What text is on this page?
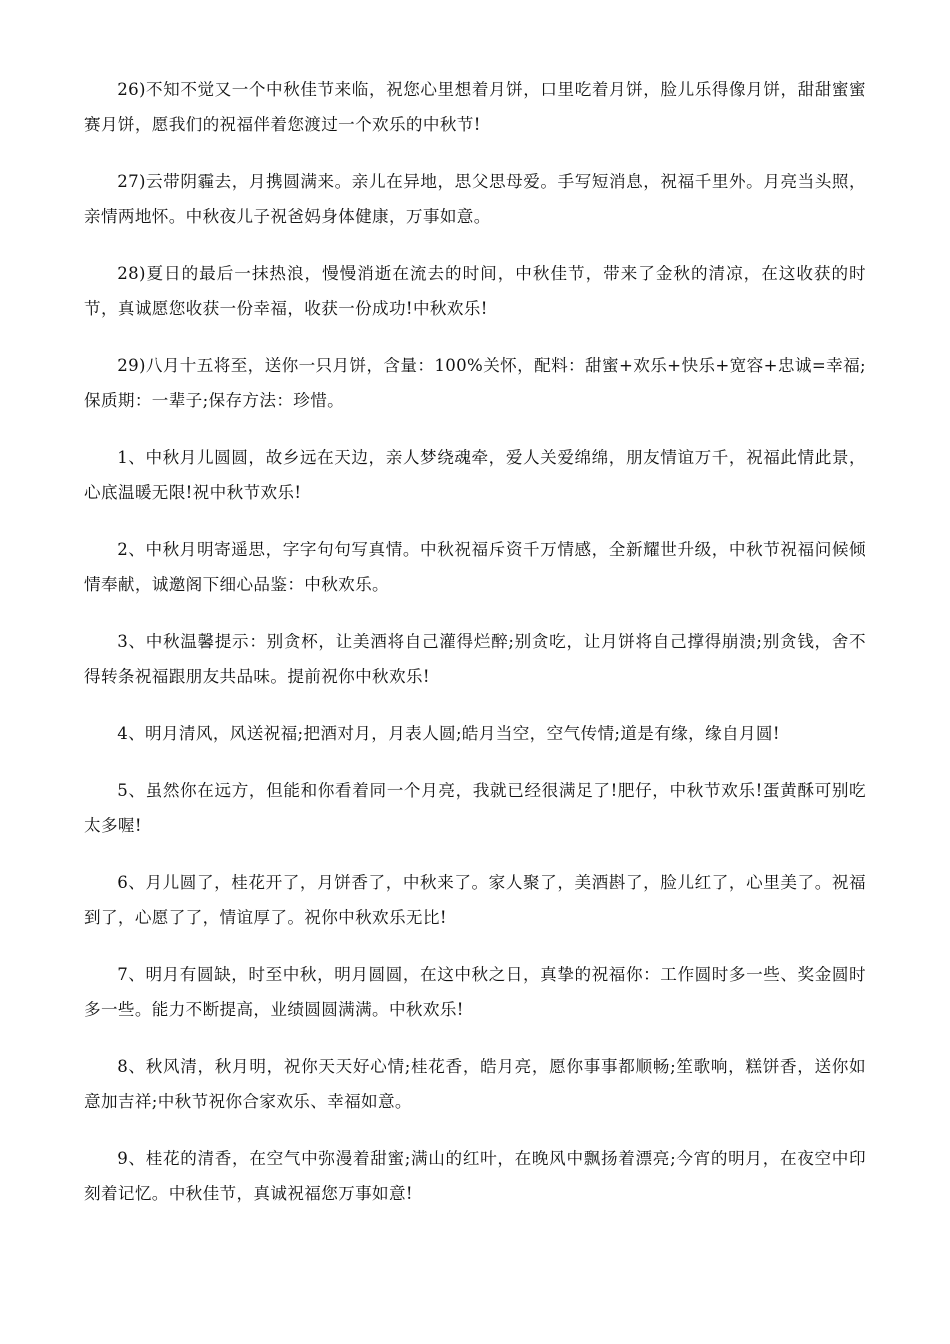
26)不知不觉又一个中秋佳节来临，祝您心里想着月饼，口里吃着月饼，脸儿乐得像月饼，甜甜蜜蜜赛月饼，愿我们的祝福伴着您渡过一个欢乐的中秋节!

27)云带阴霾去，月携圆满来。亲儿在异地，思父思母爱。手写短消息，祝福千里外。月亮当头照，亲情两地怀。中秋夜儿子祝爸妈身体健康，万事如意。

28)夏日的最后一抹热浪，慢慢消逝在流去的时间，中秋佳节，带来了金秋的清凉，在这收获的时节，真诚愿您收获一份幸福，收获一份成功!中秋欢乐!

29)八月十五将至，送你一只月饼，含量：100%关怀，配料：甜蜜+欢乐+快乐+宽容+忠诚=幸福;保质期：一辈子;保存方法：珍惜。

1、中秋月儿圆圆，故乡远在天边，亲人梦绕魂牵，爱人关爱绵绵，朋友情谊万千，祝福此情此景，心底温暖无限!祝中秋节欢乐!

2、中秋月明寄遥思，字字句句写真情。中秋祝福斥资千万情感，全新耀世升级，中秋节祝福问候倾情奉献，诚邀阁下细心品鉴：中秋欢乐。

3、中秋温馨提示：别贪杯，让美酒将自己灌得烂醉;别贪吃，让月饼将自己撑得崩溃;别贪钱，舍不得转条祝福跟朋友共品味。提前祝你中秋欢乐!

4、明月清风，风送祝福;把酒对月，月表人圆;皓月当空，空气传情;道是有缘，缘自月圆!

5、虽然你在远方，但能和你看着同一个月亮，我就已经很满足了!肥仔，中秋节欢乐!蛋黄酥可别吃太多喔!

6、月儿圆了，桂花开了，月饼香了，中秋来了。家人聚了，美酒斟了，脸儿红了，心里美了。祝福到了，心愿了了，情谊厚了。祝你中秋欢乐无比!

7、明月有圆缺，时至中秋，明月圆圆，在这中秋之日，真挚的祝福你：工作圆时多一些、奖金圆时多一些。能力不断提高，业绩圆圆满满。中秋欢乐!

8、秋风清，秋月明，祝你天天好心情;桂花香，皓月亮，愿你事事都顺畅;笙歌响，糕饼香，送你如意加吉祥;中秋节祝你合家欢乐、幸福如意。

9、桂花的清香，在空气中弥漫着甜蜜;满山的红叶，在晚风中飘扬着漂亮;今宵的明月，在夜空中印刻着记忆。中秋佳节，真诚祝福您万事如意!
